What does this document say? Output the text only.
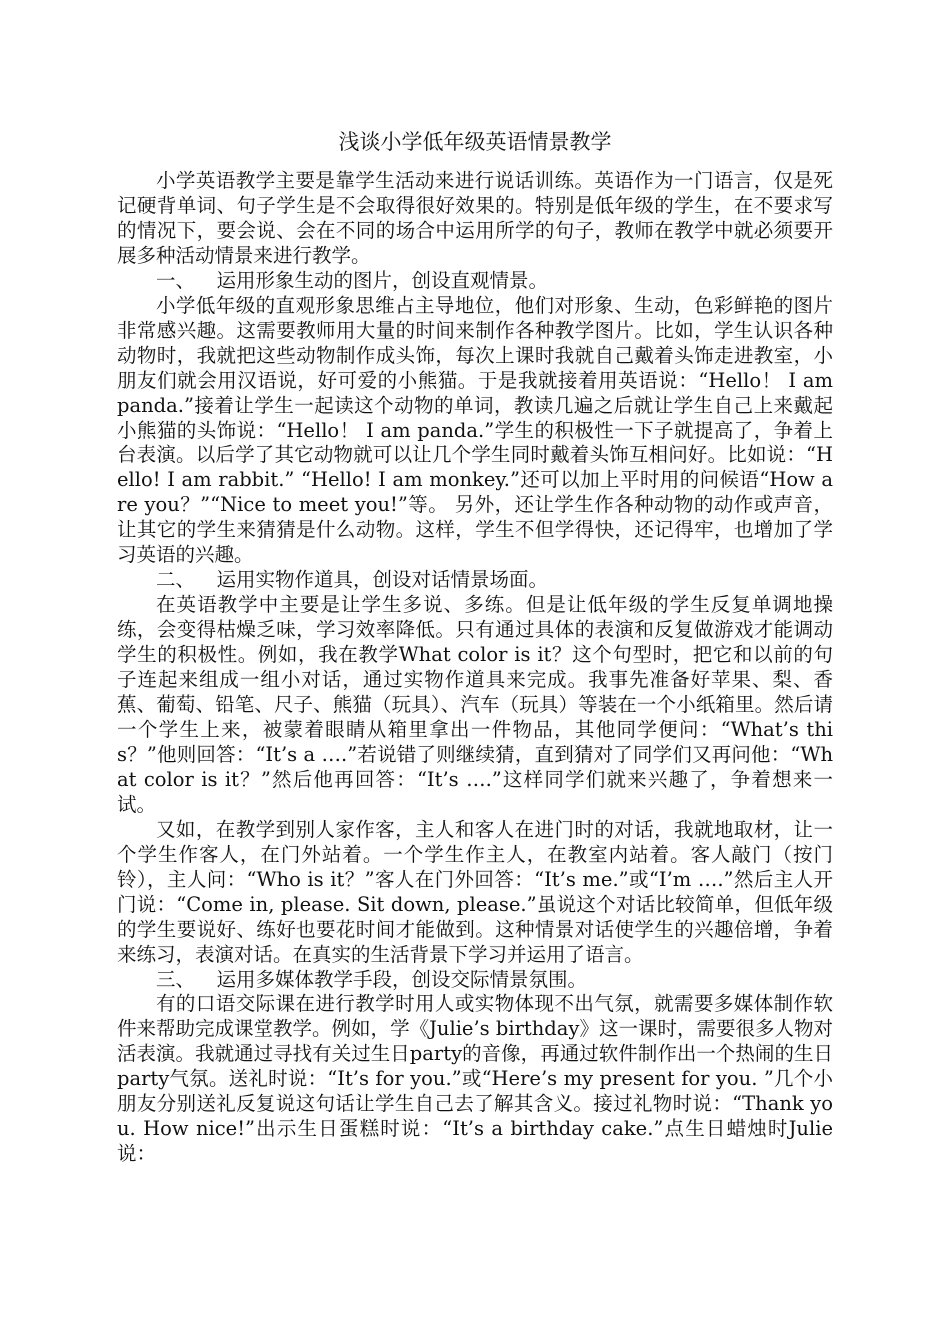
浅谈小学低年级英语情景教学

小学英语教学主要是靠学生活动来进行说话训练。英语作为一门语言，仅是死记硬背单词、句子学生是不会取得很好效果的。特别是低年级的学生，在不要求写的情况下，要会说、会在不同的场合中运用所学的句子，教师在教学中就必须要开展多种活动情景来进行教学。

一、 运用形象生动的图片，创设直观情景。

小学低年级的直观形象思维占主导地位，他们对形象、生动，色彩鲜艳的图片非常感兴趣。这需要教师用大量的时间来制作各种教学图片。比如，学生认识各种动物时，我就把这些动物制作成头饰，每次上课时我就自己戴着头饰走进教室，小朋友们就会用汉语说，好可爱的小熊猫。于是我就接着用英语说：“Hello！ I am panda.”接着让学生一起读这个动物的单词，教读几遍之后就让学生自己上来戴起小熊猫的头饰说：“Hello！ I am panda.”学生的积极性一下子就提高了，争着上台表演。以后学了其它动物就可以让几个学生同时戴着头饰互相问好。比如说：“Hello! I am rabbit.” “Hello! I am monkey.”还可以加上平时用的问候语“How are you？”“Nice to meet you!”等。 另外，还让学生作各种动物的动作或声音，让其它的学生来猜猜是什么动物。这样，学生不但学得快，还记得牢，也增加了学习英语的兴趣。

二、 运用实物作道具，创设对话情景场面。

在英语教学中主要是让学生多说、多练。但是让低年级的学生反复单调地操练，会变得枯燥乏味，学习效率降低。只有通过具体的表演和反复做游戏才能调动学生的积极性。例如，我在教学What color is it？这个句型时，把它和以前的句子连起来组成一组小对话，通过实物作道具来完成。我事先准备好苹果、梨、香蕉、葡萄、铅笔、尺子、熊猫（玩具）、汽车（玩具）等装在一个小纸箱里。然后请一个学生上来，被蒙着眼睛从箱里拿出一件物品，其他同学便问：“What’s this？”他则回答：“It’s a ….”若说错了则继续猜，直到猜对了同学们又再问他：“What color is it？”然后他再回答：“It’s ….”这样同学们就来兴趣了，争着想来一试。

又如，在教学到别人家作客，主人和客人在进门时的对话，我就地取材，让一个学生作客人，在门外站着。一个学生作主人，在教室内站着。客人敲门（按门铃），主人问：“Who is it？”客人在门外回答：“It’s me.”或“I’m ….”然后主人开门说：“Come in, please. Sit down, please.”虽说这个对话比较简单，但低年级的学生要说好、练好也要花时间才能做到。这种情景对话使学生的兴趣倍增，争着来练习，表演对话。在真实的生活背景下学习并运用了语言。

三、 运用多媒体教学手段，创设交际情景氛围。

有的口语交际课在进行教学时用人或实物体现不出气氛，就需要多媒体制作软件来帮助完成课堂教学。例如，学《Julie’s birthday》这一课时，需要很多人物对活表演。我就通过寻找有关过生日party的音像，再通过软件制作出一个热闹的生日party气氛。送礼时说：“It’s for you.”或“Here’s my present for you. ”几个小朋友分别送礼反复说这句话让学生自己去了解其含义。接过礼物时说：“Thank you. How nice!”出示生日蛋糕时说：“It’s a birthday cake.”点生日蜡烛时Julie说：
